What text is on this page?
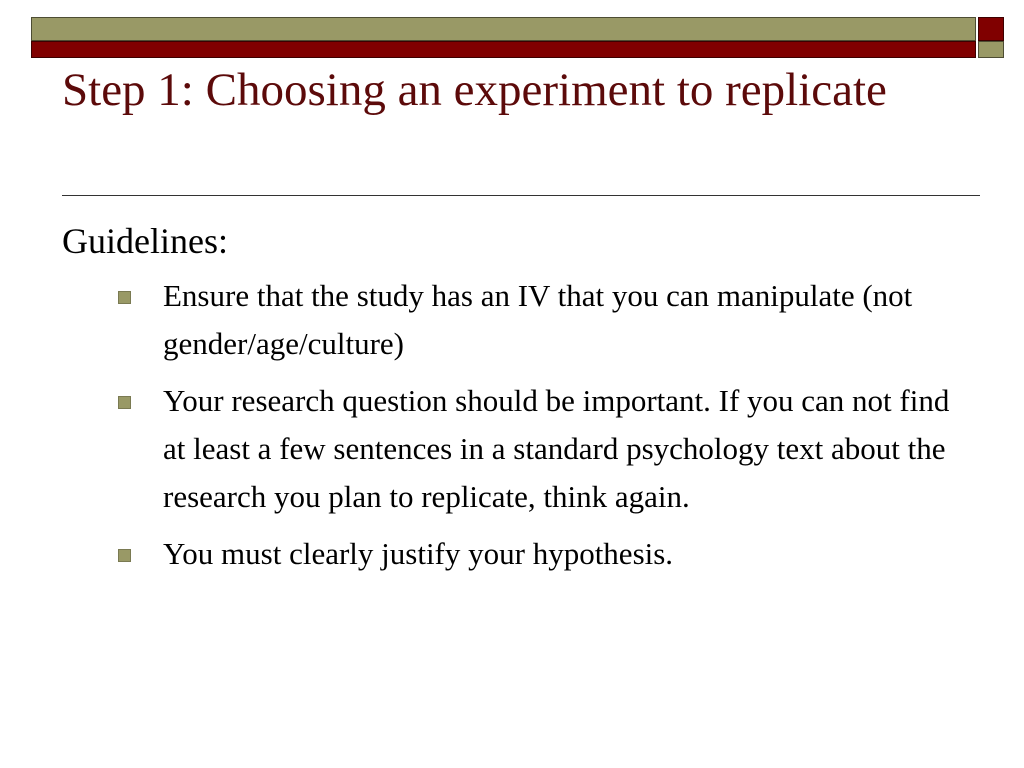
Step 1: Choosing an experiment to replicate

Guidelines:

Ensure that the study has an IV that you can manipulate (not gender/age/culture)
Your research question should be important. If you can not find at least a few sentences in a standard psychology text about the research you plan to replicate, think again.
You must clearly justify your hypothesis.
